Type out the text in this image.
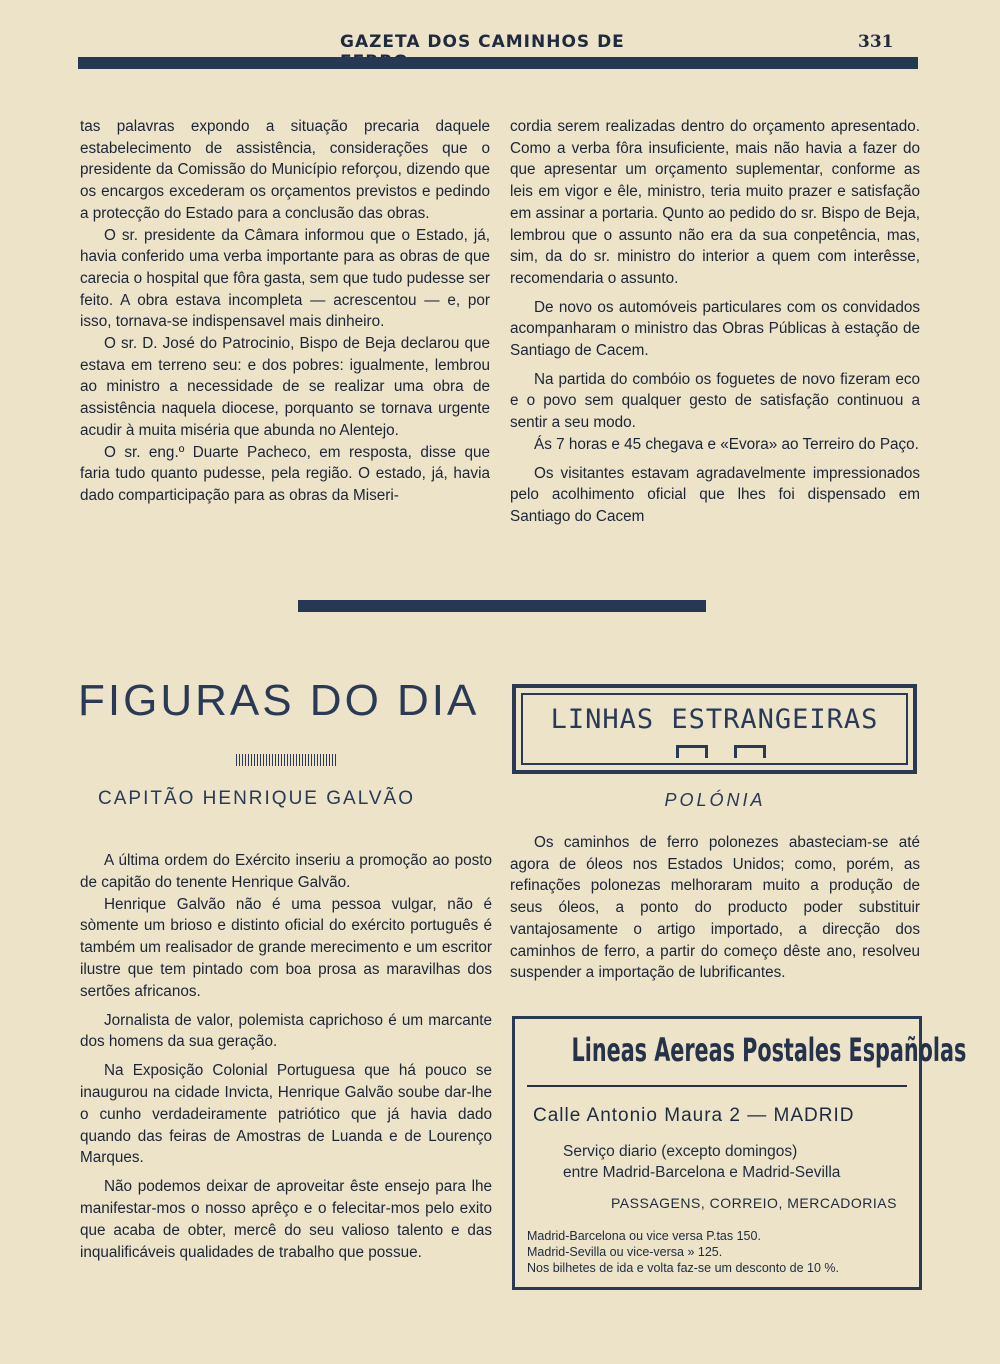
GAZETA DOS CAMINHOS DE	331

tas palavras expondo a situação precaria daquele estabelecimento de assistência, considerações que o presidente da Comissão do Município reforçou, dizendo que os encargos excederam os orçamentos previstos e pedindo a protecção do Estado para a conclusão das obras.

O sr. presidente da Câmara informou que o Estado, já, havia conferido uma verba importante para as obras de que carecia o hospital que fôra gasta, sem que tudo pudesse ser feito. A obra estava incompleta — acrescentou — e, por isso, tornava-se indispensavel mais dinheiro.

O sr. D. José do Patrocinio, Bispo de Beja declarou que estava em terreno seu: e dos pobres: igualmente, lembrou ao ministro a necessidade de se realizar uma obra de assistência naquela diocese, porquanto se tornava urgente acudir à muita miséria que abunda no Alentejo.

O sr. eng.º Duarte Pacheco, em resposta, disse que faria tudo quanto pudesse, pela região. O estado, já, havia dado comparticipação para as obras da Miseri-

cordia serem realizadas dentro do orçamento apresentado. Como a verba fôra insuficiente, mais não havia a fazer do que apresentar um orçamento suplementar, conforme as leis em vigor e êle, ministro, teria muito prazer e satisfação em assinar a portaria. Qunto ao pedido do sr. Bispo de Beja, lembrou que o assunto não era da sua conpetência, mas, sim, da do sr. ministro do interior a quem com interêsse, recomendaria o assunto.

De novo os automóveis particulares com os convidados acompanharam o ministro das Obras Públicas à estação de Santiago de Cacem.

Na partida do combóio os foguetes de novo fizeram eco e o povo sem qualquer gesto de satisfação continuou a sentir a seu modo.

Ás 7 horas e 45 chegava e «Evora» ao Terreiro do Paço.

Os visitantes estavam agradavelmente impressionados pelo acolhimento oficial que lhes foi dispensado em Santiago do Cacem

FIGURAS DO DIA
CAPITÃO HENRIQUE GALVÃO

A última ordem do Exército inseriu a promoção ao posto de capitão do tenente Henrique Galvão.

Henrique Galvão não é uma pessoa vulgar, não é sòmente um brioso e distinto oficial do exército português é também um realisador de grande merecimento e um escritor ilustre que tem pintado com boa prosa as maravilhas dos sertões africanos.

Jornalista de valor, polemista caprichoso é um marcante dos homens da sua geração.

Na Exposição Colonial Portuguesa que há pouco se inaugurou na cidade Invicta, Henrique Galvão soube dar-lhe o cunho verdadeiramente patriótico que já havia dado quando das feiras de Amostras de Luanda e de Lourenço Marques.

Não podemos deixar de aproveitar êste ensejo para lhe manifestar-mos o nosso aprêço e o felecitar-mos pelo exito que acaba de obter, mercê do seu valioso talento e das inqualificáveis qualidades de trabalho que possue.

LINHAS ESTRANGEIRAS
POLÓNIA

Os caminhos de ferro polonezes abasteciam-se até agora de óleos nos Estados Unidos; como, porém, as refinações polonezas melhoraram muito a produção de seus óleos, a ponto do producto poder substituir vantajosamente o artigo importado, a direcção dos caminhos de ferro, a partir do começo dêste ano, resolveu suspender a importação de lubrificantes.

Lineas Aereas Postales Españolas
Calle Antonio Maura 2 — MADRID
Serviço diario (excepto domingos)
entre Madrid-Barcelona e Madrid-Sevilla
PASSAGENS, CORREIO, MERCADORIAS
Madrid-Barcelona ou vice versa P.tas 150.
Madrid-Sevilla ou vice-versa » 125.
Nos bilhetes de ida e volta faz-se um desconto de 10 %.
